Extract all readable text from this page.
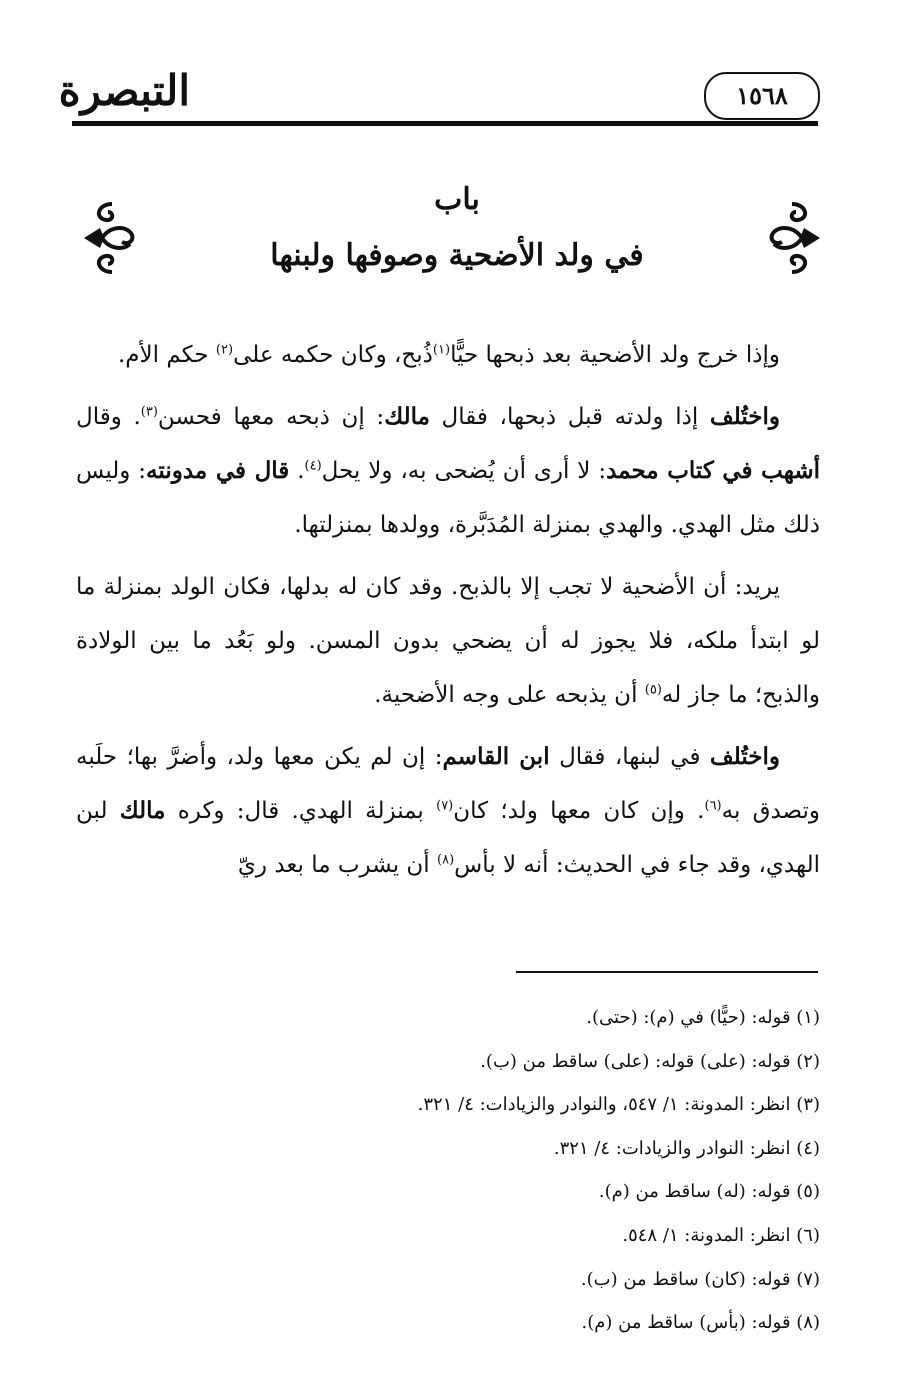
التبصرة	١٥٦٨
باب
في ولد الأضحية وصوفها ولبنها

وإذا خرج ولد الأضحية بعد ذبحها حيًّا$^{(١)}$ذُبح، وكان حكمه على$^{(٢)}$ حكم الأم.

واختُلف إذا ولدته قبل ذبحها، فقال مالك: إن ذبحه معها فحسن$^{(٣)}$. وقال أشهب في كتاب محمد: لا أرى أن يُضحى به، ولا يحل$^{(٤)}$. قال في مدونته: وليس ذلك مثل الهدي. والهدي بمنزلة المُدَبَّرة، وولدها بمنزلتها.

يريد: أن الأضحية لا تجب إلا بالذبح. وقد كان له بدلها، فكان الولد بمنزلة ما لو ابتدأ ملكه، فلا يجوز له أن يضحي بدون المسن. ولو بَعُد ما بين الولادة والذبح؛ ما جاز له$^{(٥)}$ أن يذبحه على وجه الأضحية.

واختُلف في لبنها، فقال ابن القاسم: إن لم يكن معها ولد، وأضرَّ بها؛ حلَبه وتصدق به$^{(٦)}$. وإن كان معها ولد؛ كان$^{(٧)}$ بمنزلة الهدي. قال: وكره مالك لبن الهدي، وقد جاء في الحديث: أنه لا بأس$^{(٨)}$ أن يشرب ما بعد ريّ

(١) قوله: (حيًّا) في (م): (حتى).
(٢) قوله: (على) قوله: (على) ساقط من (ب).
(٣) انظر: المدونة: ١/ ٥٤٧، والنوادر والزيادات: ٤/ ٣٢١.
(٤) انظر: النوادر والزيادات: ٤/ ٣٢١.
(٥) قوله: (له) ساقط من (م).
(٦) انظر: المدونة: ١/ ٥٤٨.
(٧) قوله: (كان) ساقط من (ب).
(٨) قوله: (بأس) ساقط من (م).
